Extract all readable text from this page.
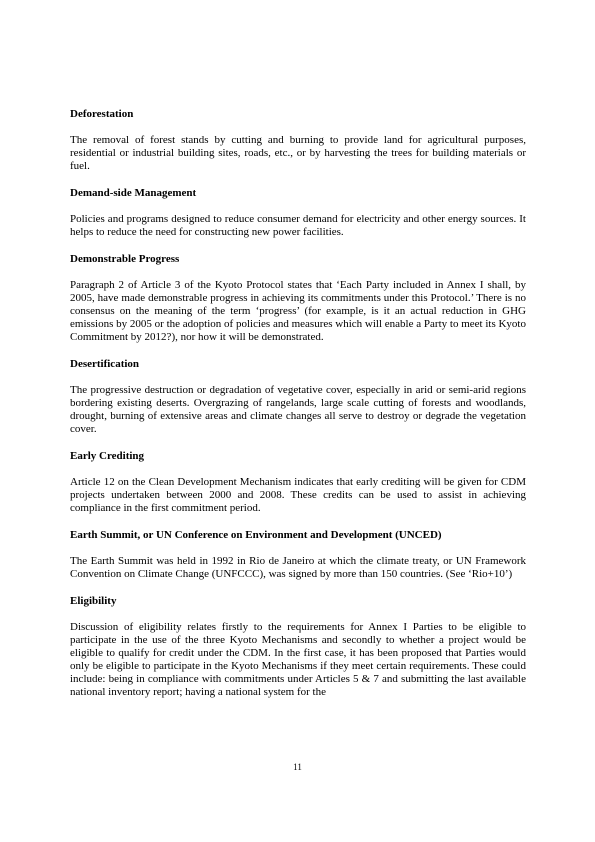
Deforestation

The removal of forest stands by cutting and burning to provide land for agricultural purposes, residential or industrial building sites, roads, etc., or by harvesting the trees for building materials or fuel.

Demand-side Management

Policies and programs designed to reduce consumer demand for electricity and other energy sources. It helps to reduce the need for constructing new power facilities.

Demonstrable Progress

Paragraph 2 of Article 3 of the Kyoto Protocol states that ‘Each Party included in Annex I shall, by 2005, have made demonstrable progress in achieving its commitments under this Protocol.’ There is no consensus on the meaning of the term ‘progress’ (for example, is it an actual reduction in GHG emissions by 2005 or the adoption of policies and measures which will enable a Party to meet its Kyoto Commitment by 2012?), nor how it will be demonstrated.

Desertification

The progressive destruction or degradation of vegetative cover, especially in arid or semi-arid regions bordering existing deserts. Overgrazing of rangelands, large scale cutting of forests and woodlands, drought, burning of extensive areas and climate changes all serve to destroy or degrade the vegetation cover.

Early Crediting

Article 12 on the Clean Development Mechanism indicates that early crediting will be given for CDM projects undertaken between 2000 and 2008. These credits can be used to assist in achieving compliance in the first commitment period.

Earth Summit, or UN Conference on Environment and Development (UNCED)

The Earth Summit was held in 1992 in Rio de Janeiro at which the climate treaty, or UN Framework Convention on Climate Change (UNFCCC), was signed by more than 150 countries. (See ‘Rio+10’)

Eligibility

Discussion of eligibility relates firstly to the requirements for Annex I Parties to be eligible to participate in the use of the three Kyoto Mechanisms and secondly to whether a project would be eligible to qualify for credit under the CDM. In the first case, it has been proposed that Parties would only be eligible to participate in the Kyoto Mechanisms if they meet certain requirements. These could include: being in compliance with commitments under Articles 5 & 7 and submitting the last available national inventory report; having a national system for the

11
